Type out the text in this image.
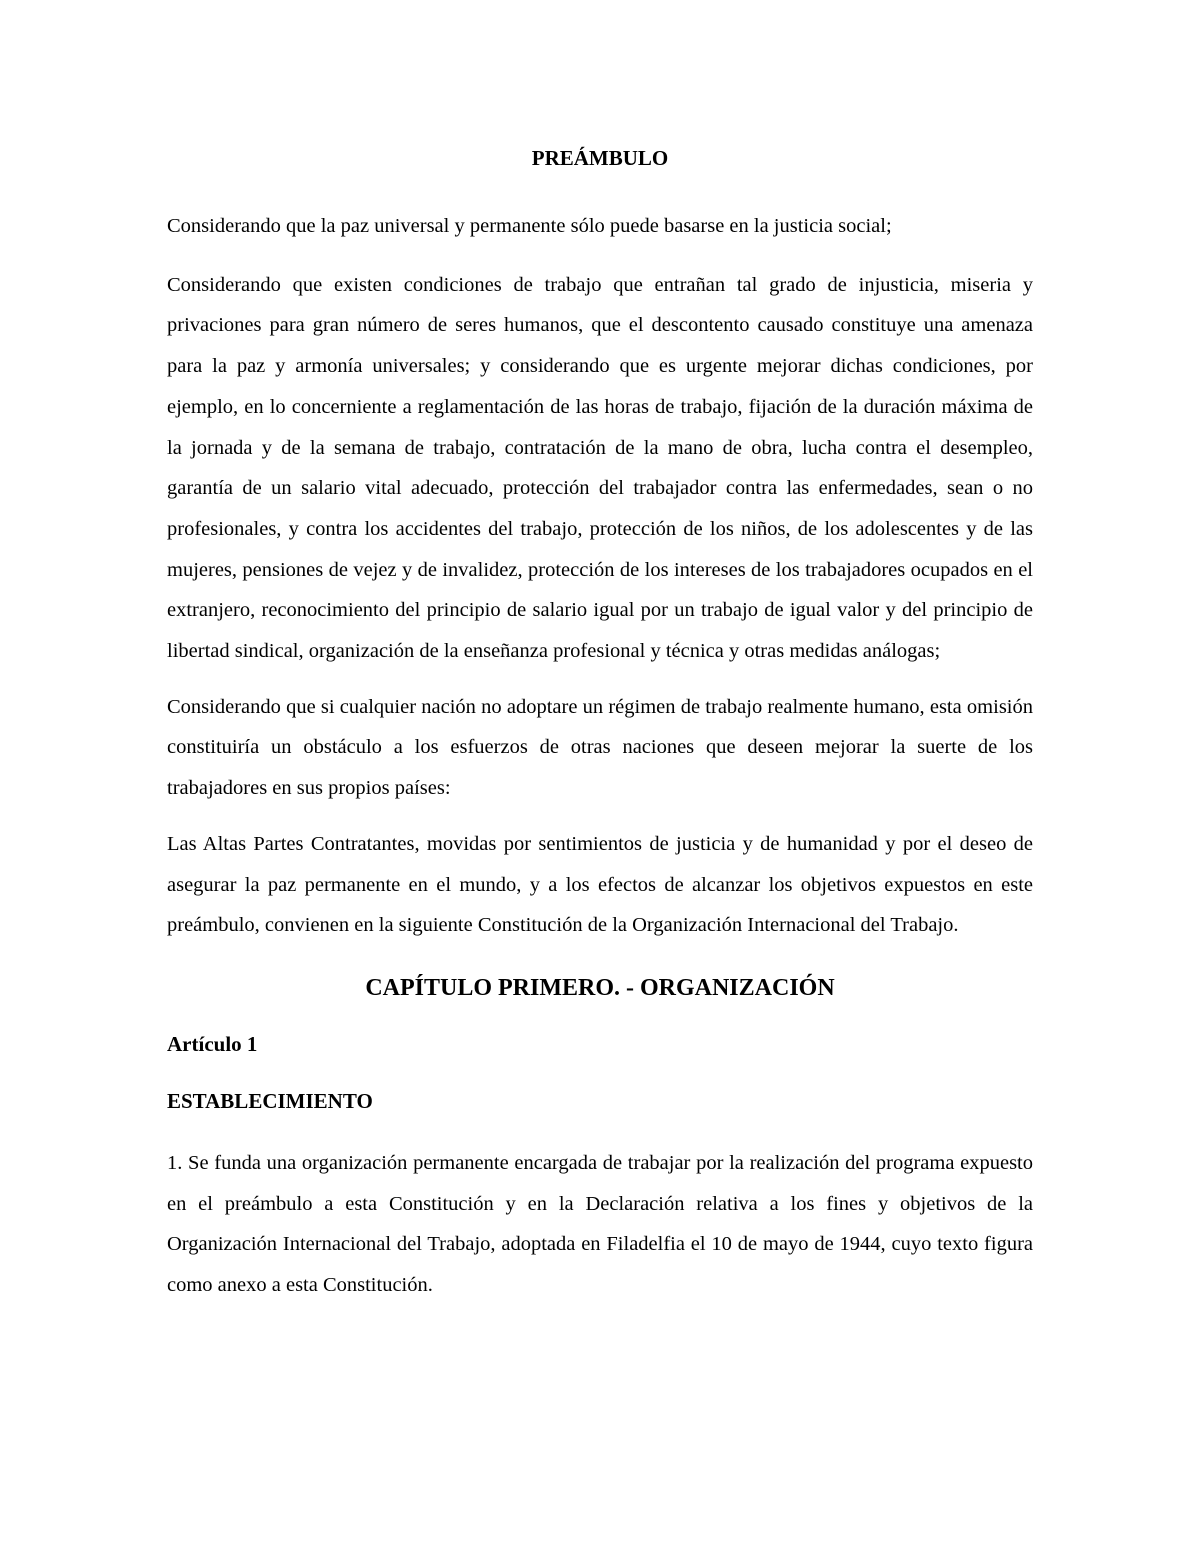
PREÁMBULO

Considerando que la paz universal y permanente sólo puede basarse en la justicia social;

Considerando que existen condiciones de trabajo que entrañan tal grado de injusticia, miseria y privaciones para gran número de seres humanos, que el descontento causado constituye una amenaza para la paz y armonía universales; y considerando que es urgente mejorar dichas condiciones, por ejemplo, en lo concerniente a reglamentación de las horas de trabajo, fijación de la duración máxima de la jornada y de la semana de trabajo, contratación de la mano de obra, lucha contra el desempleo, garantía de un salario vital adecuado, protección del trabajador contra las enfermedades, sean o no profesionales, y contra los accidentes del trabajo, protección de los niños, de los adolescentes y de las mujeres, pensiones de vejez y de invalidez, protección de los intereses de los trabajadores ocupados en el extranjero, reconocimiento del principio de salario igual por un trabajo de igual valor y del principio de libertad sindical, organización de la enseñanza profesional y técnica y otras medidas análogas;

Considerando que si cualquier nación no adoptare un régimen de trabajo realmente humano, esta omisión constituiría un obstáculo a los esfuerzos de otras naciones que deseen mejorar la suerte de los trabajadores en sus propios países:

Las Altas Partes Contratantes, movidas por sentimientos de justicia y de humanidad y por el deseo de asegurar la paz permanente en el mundo, y a los efectos de alcanzar los objetivos expuestos en este preámbulo, convienen en la siguiente Constitución de la Organización Internacional del Trabajo.

CAPÍTULO PRIMERO. - ORGANIZACIÓN
Artículo 1
ESTABLECIMIENTO

1. Se funda una organización permanente encargada de trabajar por la realización del programa expuesto en el preámbulo a esta Constitución y en la Declaración relativa a los fines y objetivos de la Organización Internacional del Trabajo, adoptada en Filadelfia el 10 de mayo de 1944, cuyo texto figura como anexo a esta Constitución.
